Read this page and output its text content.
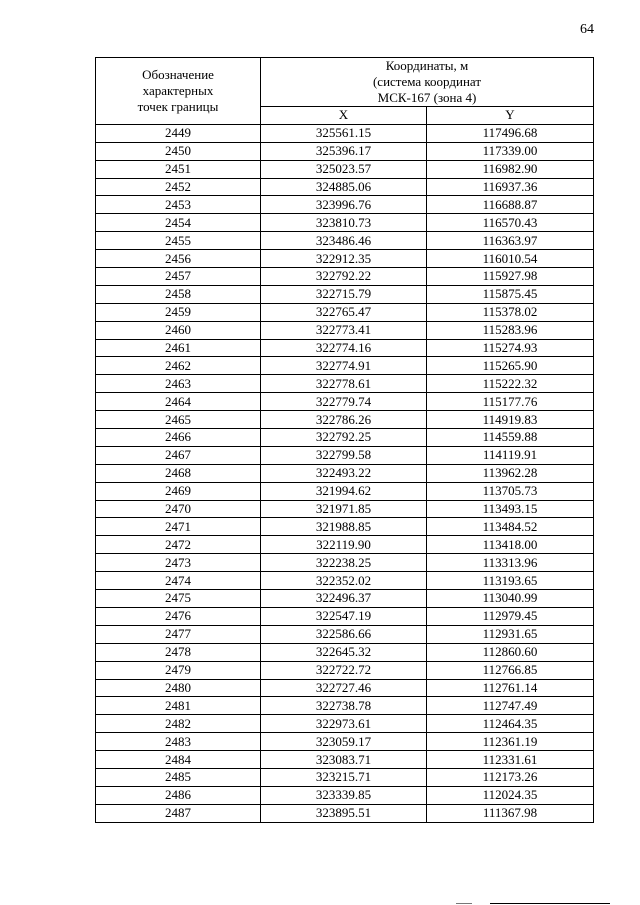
64
Обозначение
характерных
точек границы	Координаты, м
(система координат
МСК-167 (зона 4)	

	X	Y
2449	325561.15	117496.68
2450	325396.17	117339.00
2451	325023.57	116982.90
2452	324885.06	116937.36
2453	323996.76	116688.87
2454	323810.73	116570.43
2455	323486.46	116363.97
2456	322912.35	116010.54
2457	322792.22	115927.98
2458	322715.79	115875.45
2459	322765.47	115378.02
2460	322773.41	115283.96
2461	322774.16	115274.93
2462	322774.91	115265.90
2463	322778.61	115222.32
2464	322779.74	115177.76
2465	322786.26	114919.83
2466	322792.25	114559.88
2467	322799.58	114119.91
2468	322493.22	113962.28
2469	321994.62	113705.73
2470	321971.85	113493.15
2471	321988.85	113484.52
2472	322119.90	113418.00
2473	322238.25	113313.96
2474	322352.02	113193.65
2475	322496.37	113040.99
2476	322547.19	112979.45
2477	322586.66	112931.65
2478	322645.32	112860.60
2479	322722.72	112766.85
2480	322727.46	112761.14
2481	322738.78	112747.49
2482	322973.61	112464.35
2483	323059.17	112361.19
2484	323083.71	112331.61
2485	323215.71	112173.26
2486	323339.85	112024.35
2487	323895.51	111367.98
